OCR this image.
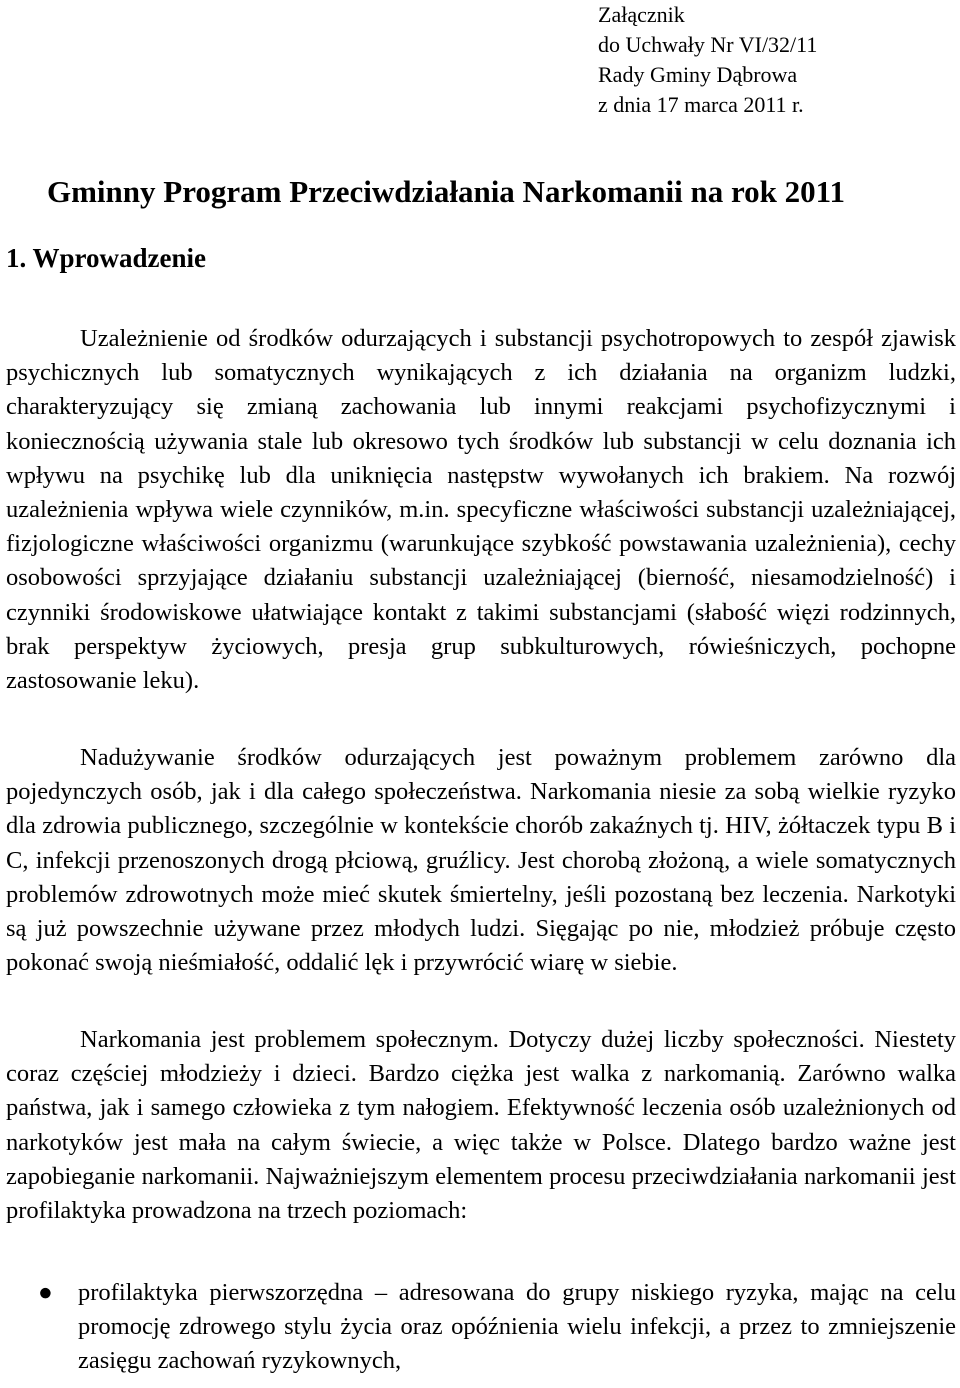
Załącznik
do Uchwały Nr VI/32/11
Rady Gminy Dąbrowa
z dnia 17 marca 2011 r.
Gminny Program Przeciwdziałania Narkomanii na rok 2011
1. Wprowadzenie

Uzależnienie od środków odurzających i substancji psychotropowych to zespół zjawisk psychicznych lub somatycznych wynikających z ich działania na organizm ludzki, charakteryzujący się zmianą zachowania lub innymi reakcjami psychofizycznymi i koniecznością używania stale lub okresowo tych środków lub substancji w celu doznania ich wpływu na psychikę lub dla uniknięcia następstw wywołanych ich brakiem. Na rozwój uzależnienia wpływa wiele czynników, m.in. specyficzne właściwości substancji uzależniającej, fizjologiczne właściwości organizmu (warunkujące szybkość powstawania uzależnienia), cechy osobowości sprzyjające działaniu substancji uzależniającej (bierność, niesamodzielność) i czynniki środowiskowe ułatwiające kontakt z takimi substancjami (słabość więzi rodzinnych, brak perspektyw życiowych, presja grup subkulturowych, rówieśniczych, pochopne zastosowanie leku).

Nadużywanie środków odurzających jest poważnym problemem zarówno dla pojedynczych osób, jak i dla całego społeczeństwa. Narkomania niesie za sobą wielkie ryzyko dla zdrowia publicznego, szczególnie w kontekście chorób zakaźnych tj. HIV, żółtaczek typu B i C, infekcji przenoszonych drogą płciową, gruźlicy. Jest chorobą złożoną, a wiele somatycznych problemów zdrowotnych może mieć skutek śmiertelny, jeśli pozostaną bez leczenia. Narkotyki są już powszechnie używane przez młodych ludzi. Sięgając po nie, młodzież próbuje często pokonać swoją nieśmiałość, oddalić lęk i przywrócić wiarę w siebie.

Narkomania jest problemem społecznym. Dotyczy dużej liczby społeczności. Niestety coraz częściej młodzieży i dzieci. Bardzo ciężka jest walka z narkomanią. Zarówno walka państwa, jak i samego człowieka z tym nałogiem. Efektywność leczenia osób uzależnionych od narkotyków jest mała na całym świecie, a więc także w Polsce. Dlatego bardzo ważne jest zapobieganie narkomanii. Najważniejszym elementem procesu przeciwdziałania narkomanii jest profilaktyka prowadzona na trzech poziomach:

● profilaktyka pierwszorzędna – adresowana do grupy niskiego ryzyka, mając na celu promocję zdrowego stylu życia oraz opóźnienia wielu infekcji, a przez to zmniejszenie zasięgu zachowań ryzykownych,
